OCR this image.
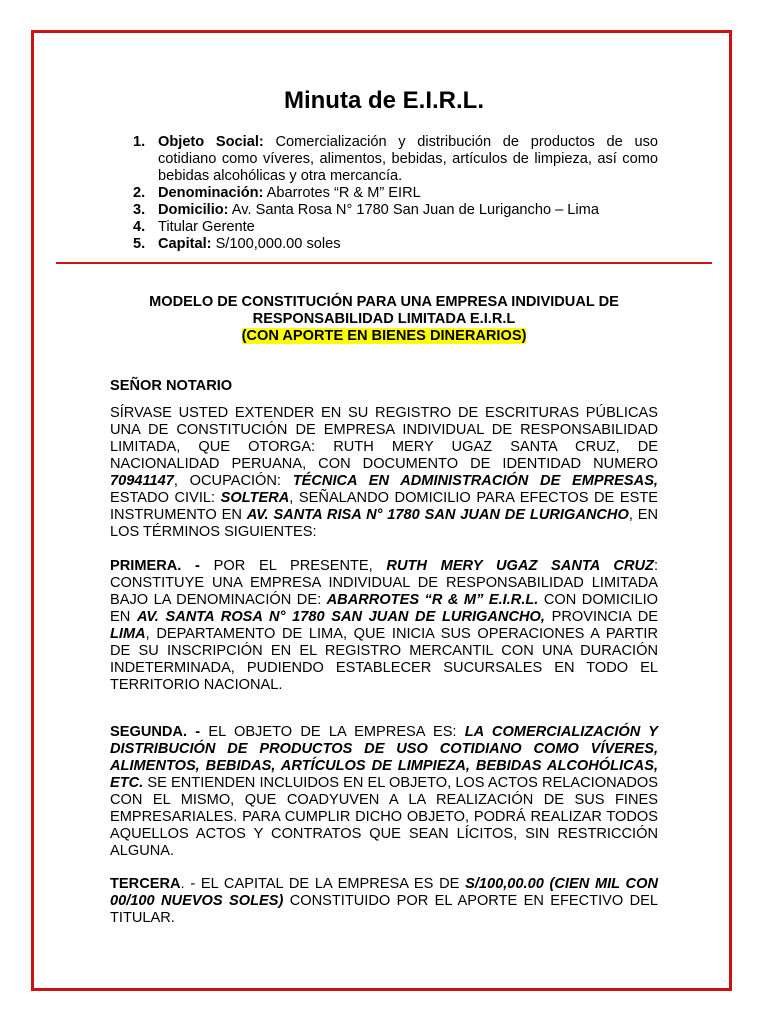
Minuta de E.I.R.L.
1. Objeto Social: Comercialización y distribución de productos de uso cotidiano como víveres, alimentos, bebidas, artículos de limpieza, así como bebidas alcohólicas y otra mercancía.
2. Denominación: Abarrotes “R & M” EIRL
3. Domicilio: Av. Santa Rosa N° 1780 San Juan de Lurigancho – Lima
4. Titular Gerente
5. Capital: S/100,000.00 soles
MODELO DE CONSTITUCIÓN PARA UNA EMPRESA INDIVIDUAL DE
RESPONSABILIDAD LIMITADA E.I.R.L
(CON APORTE EN BIENES DINERARIOS)
SEÑOR NOTARIO

SÍRVASE USTED EXTENDER EN SU REGISTRO DE ESCRITURAS PÚBLICAS UNA DE CONSTITUCIÓN DE EMPRESA INDIVIDUAL DE RESPONSABILIDAD LIMITADA, QUE OTORGA: RUTH MERY UGAZ SANTA CRUZ, DE NACIONALIDAD PERUANA, CON DOCUMENTO DE IDENTIDAD NUMERO 70941147, OCUPACIÓN: TÉCNICA EN ADMINISTRACIÓN DE EMPRESAS, ESTADO CIVIL: SOLTERA, SEÑALANDO DOMICILIO PARA EFECTOS DE ESTE INSTRUMENTO EN AV. SANTA RISA N° 1780 SAN JUAN DE LURIGANCHO, EN LOS TÉRMINOS SIGUIENTES:

PRIMERA. - POR EL PRESENTE, RUTH MERY UGAZ SANTA CRUZ: CONSTITUYE UNA EMPRESA INDIVIDUAL DE RESPONSABILIDAD LIMITADA BAJO LA DENOMINACIÓN DE: ABARROTES “R & M” E.I.R.L. CON DOMICILIO EN AV. SANTA ROSA N° 1780 SAN JUAN DE LURIGANCHO, PROVINCIA DE LIMA, DEPARTAMENTO DE LIMA, QUE INICIA SUS OPERACIONES A PARTIR DE SU INSCRIPCIÓN EN EL REGISTRO MERCANTIL CON UNA DURACIÓN INDETERMINADA, PUDIENDO ESTABLECER SUCURSALES EN TODO EL TERRITORIO NACIONAL.

SEGUNDA. - EL OBJETO DE LA EMPRESA ES: LA COMERCIALIZACIÓN Y DISTRIBUCIÓN DE PRODUCTOS DE USO COTIDIANO COMO VÍVERES, ALIMENTOS, BEBIDAS, ARTÍCULOS DE LIMPIEZA, BEBIDAS ALCOHÓLICAS, ETC. SE ENTIENDEN INCLUIDOS EN EL OBJETO, LOS ACTOS RELACIONADOS CON EL MISMO, QUE COADYUVEN A LA REALIZACIÓN DE SUS FINES EMPRESARIALES. PARA CUMPLIR DICHO OBJETO, PODRÁ REALIZAR TODOS AQUELLOS ACTOS Y CONTRATOS QUE SEAN LÍCITOS, SIN RESTRICCIÓN ALGUNA.

TERCERA. - EL CAPITAL DE LA EMPRESA ES DE S/100,00.00 (CIEN MIL CON 00/100 NUEVOS SOLES) CONSTITUIDO POR EL APORTE EN EFECTIVO DEL TITULAR.
